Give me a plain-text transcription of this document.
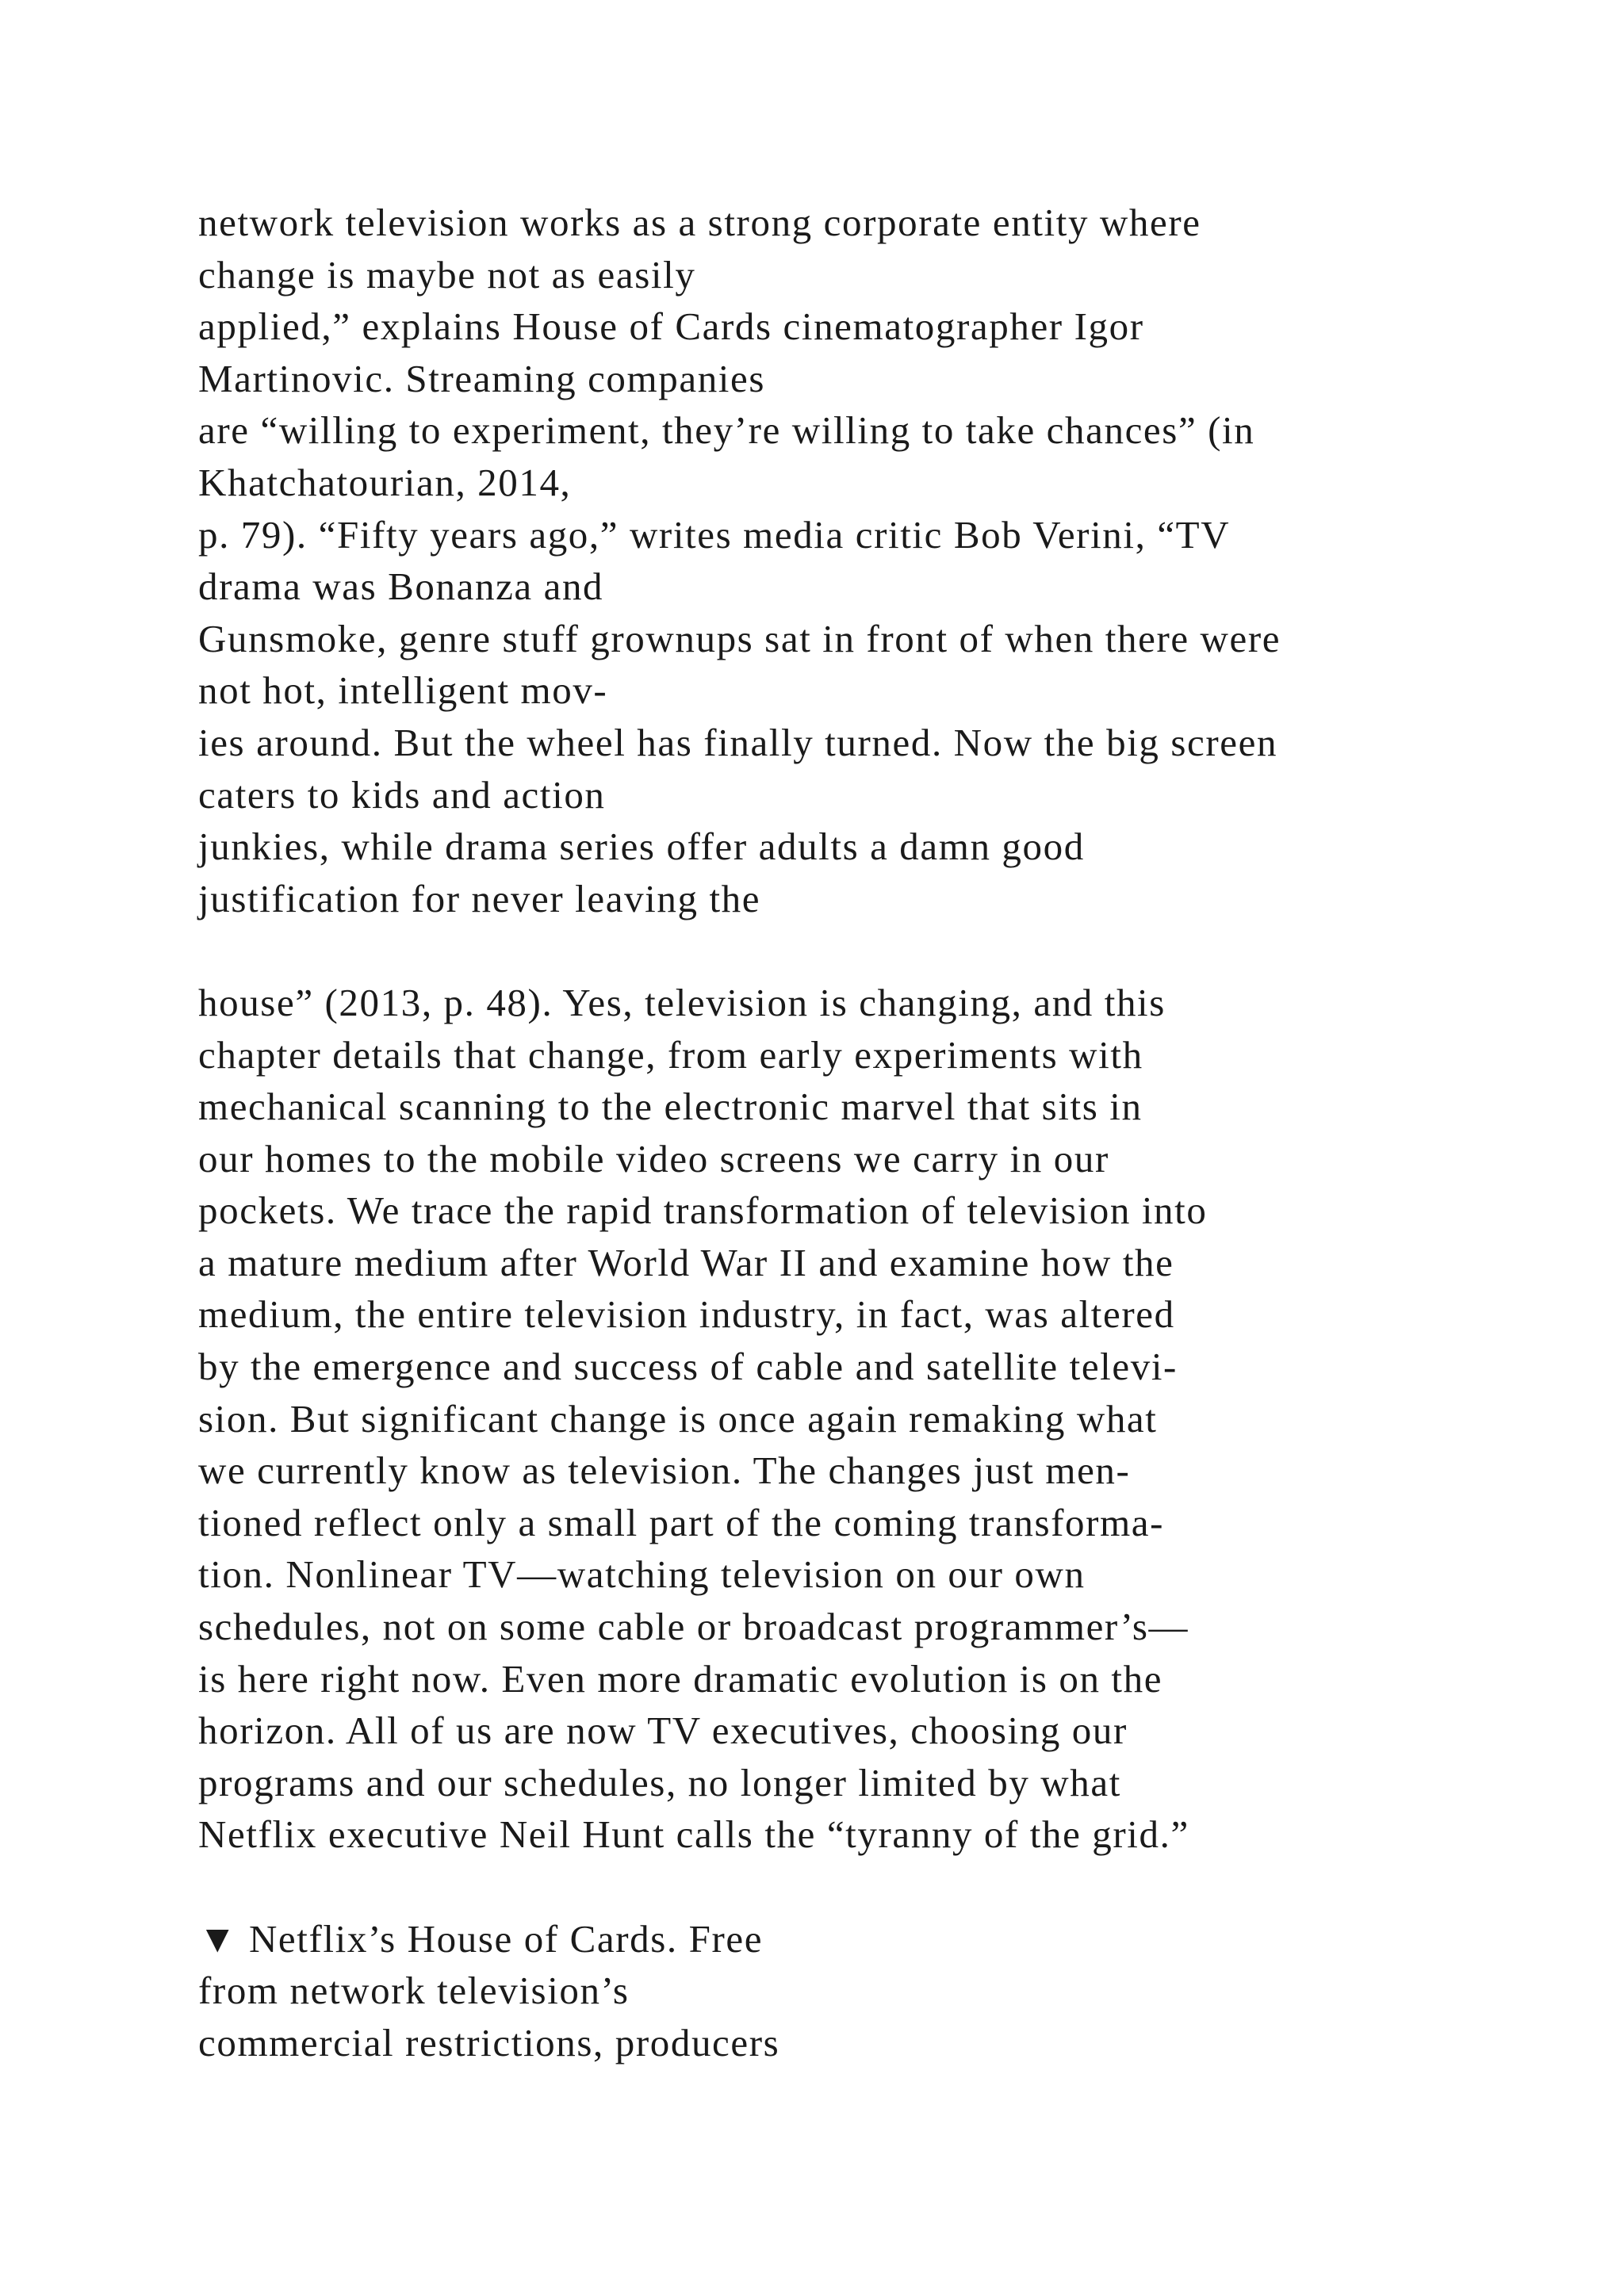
network television works as a strong corporate entity where
change is maybe not as easily
applied,” explains House of Cards cinematographer Igor
Martinovic. Streaming companies
are “willing to experiment, they’re willing to take chances” (in
Khatchatourian, 2014,
p. 79). “Fifty years ago,” writes media critic Bob Verini, “TV
drama was Bonanza and
Gunsmoke, genre stuff grownups sat in front of when there were
not hot, intelligent mov-
ies around. But the wheel has finally turned. Now the big screen
caters to kids and action
junkies, while drama series offer adults a damn good
justification for never leaving the
house” (2013, p. 48). Yes, television is changing, and this
chapter details that change, from early experiments with
mechanical scanning to the electronic marvel that sits in
our homes to the mobile video screens we carry in our
pockets. We trace the rapid transformation of television into
a mature medium after World War II and examine how the
medium, the entire television industry, in fact, was altered
by the emergence and success of cable and satellite televi-
sion. But significant change is once again remaking what
we currently know as television. The changes just men-
tioned reflect only a small part of the coming transforma-
tion. Nonlinear TV—watching television on our own
schedules, not on some cable or broadcast programmer’s—
is here right now. Even more dramatic evolution is on the
horizon. All of us are now TV executives, choosing our
programs and our schedules, no longer limited by what
Netflix executive Neil Hunt calls the “tyranny of the grid.”
▼ Netflix’s House of Cards. Free
from network television’s
commercial restrictions, producers
